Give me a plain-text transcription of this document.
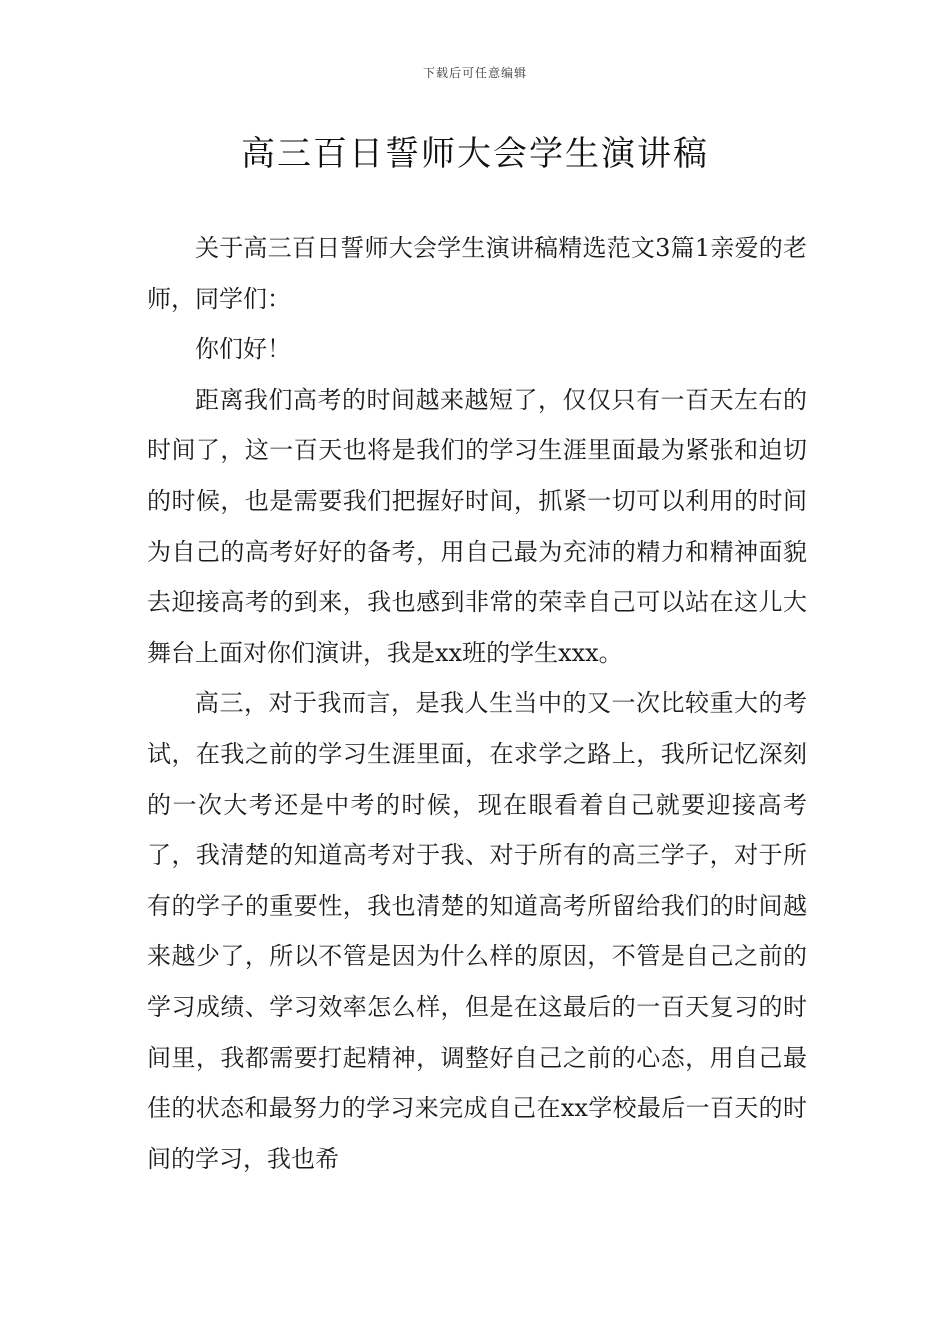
下载后可任意编辑
高三百日誓师大会学生演讲稿

关于高三百日誓师大会学生演讲稿精选范文3篇1亲爱的老师，同学们：

你们好！

距离我们高考的时间越来越短了，仅仅只有一百天左右的时间了，这一百天也将是我们的学习生涯里面最为紧张和迫切的时候，也是需要我们把握好时间，抓紧一切可以利用的时间为自己的高考好好的备考，用自己最为充沛的精力和精神面貌去迎接高考的到来，我也感到非常的荣幸自己可以站在这儿大舞台上面对你们演讲，我是xx班的学生xxx。

高三，对于我而言，是我人生当中的又一次比较重大的考试，在我之前的学习生涯里面，在求学之路上，我所记忆深刻的一次大考还是中考的时候，现在眼看着自己就要迎接高考了，我清楚的知道高考对于我、对于所有的高三学子，对于所有的学子的重要性，我也清楚的知道高考所留给我们的时间越来越少了，所以不管是因为什么样的原因，不管是自己之前的学习成绩、学习效率怎么样，但是在这最后的一百天复习的时间里，我都需要打起精神，调整好自己之前的心态，用自己最佳的状态和最努力的学习来完成自己在xx学校最后一百天的时间的学习，我也希
